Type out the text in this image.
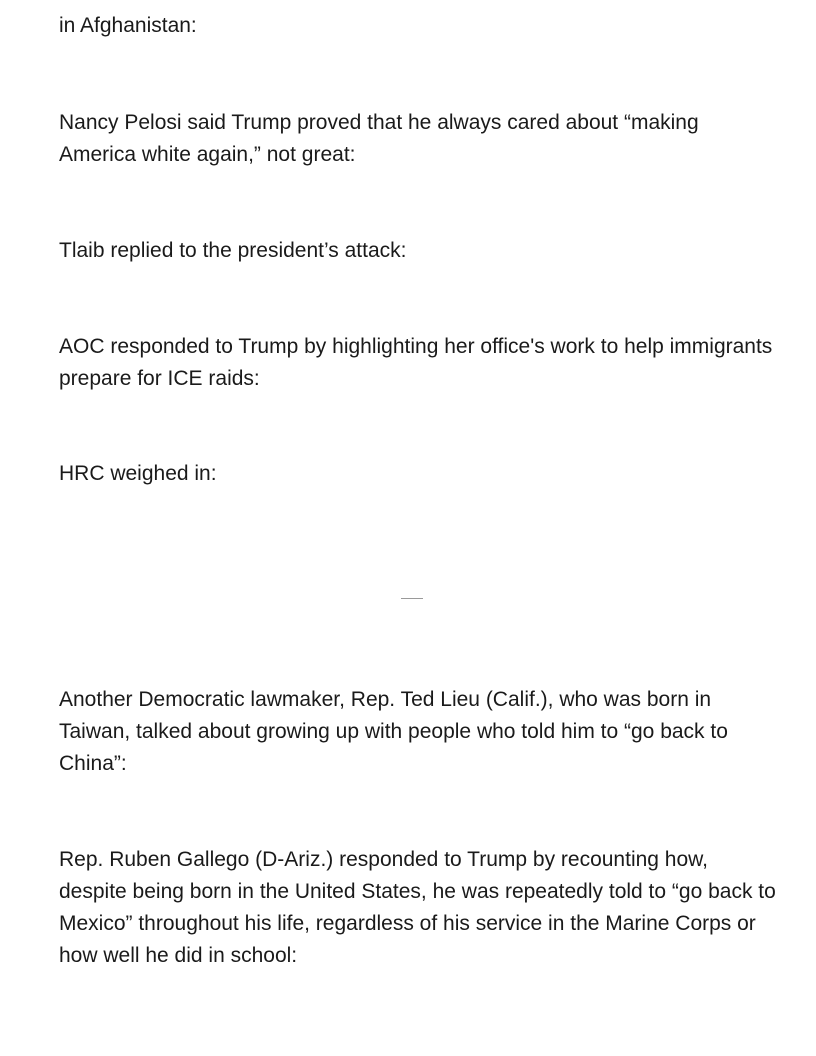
in Afghanistan:

Nancy Pelosi said Trump proved that he always cared about “making America white again,” not great:

Tlaib replied to the president’s attack:

AOC responded to Trump by highlighting her office's work to help immigrants prepare for ICE raids:

HRC weighed in:

Another Democratic lawmaker, Rep. Ted Lieu (Calif.), who was born in Taiwan, talked about growing up with people who told him to “go back to China”:

Rep. Ruben Gallego (D-Ariz.) responded to Trump by recounting how, despite being born in the United States, he was repeatedly told to “go back to Mexico” throughout his life, regardless of his service in the Marine Corps or how well he did in school:
